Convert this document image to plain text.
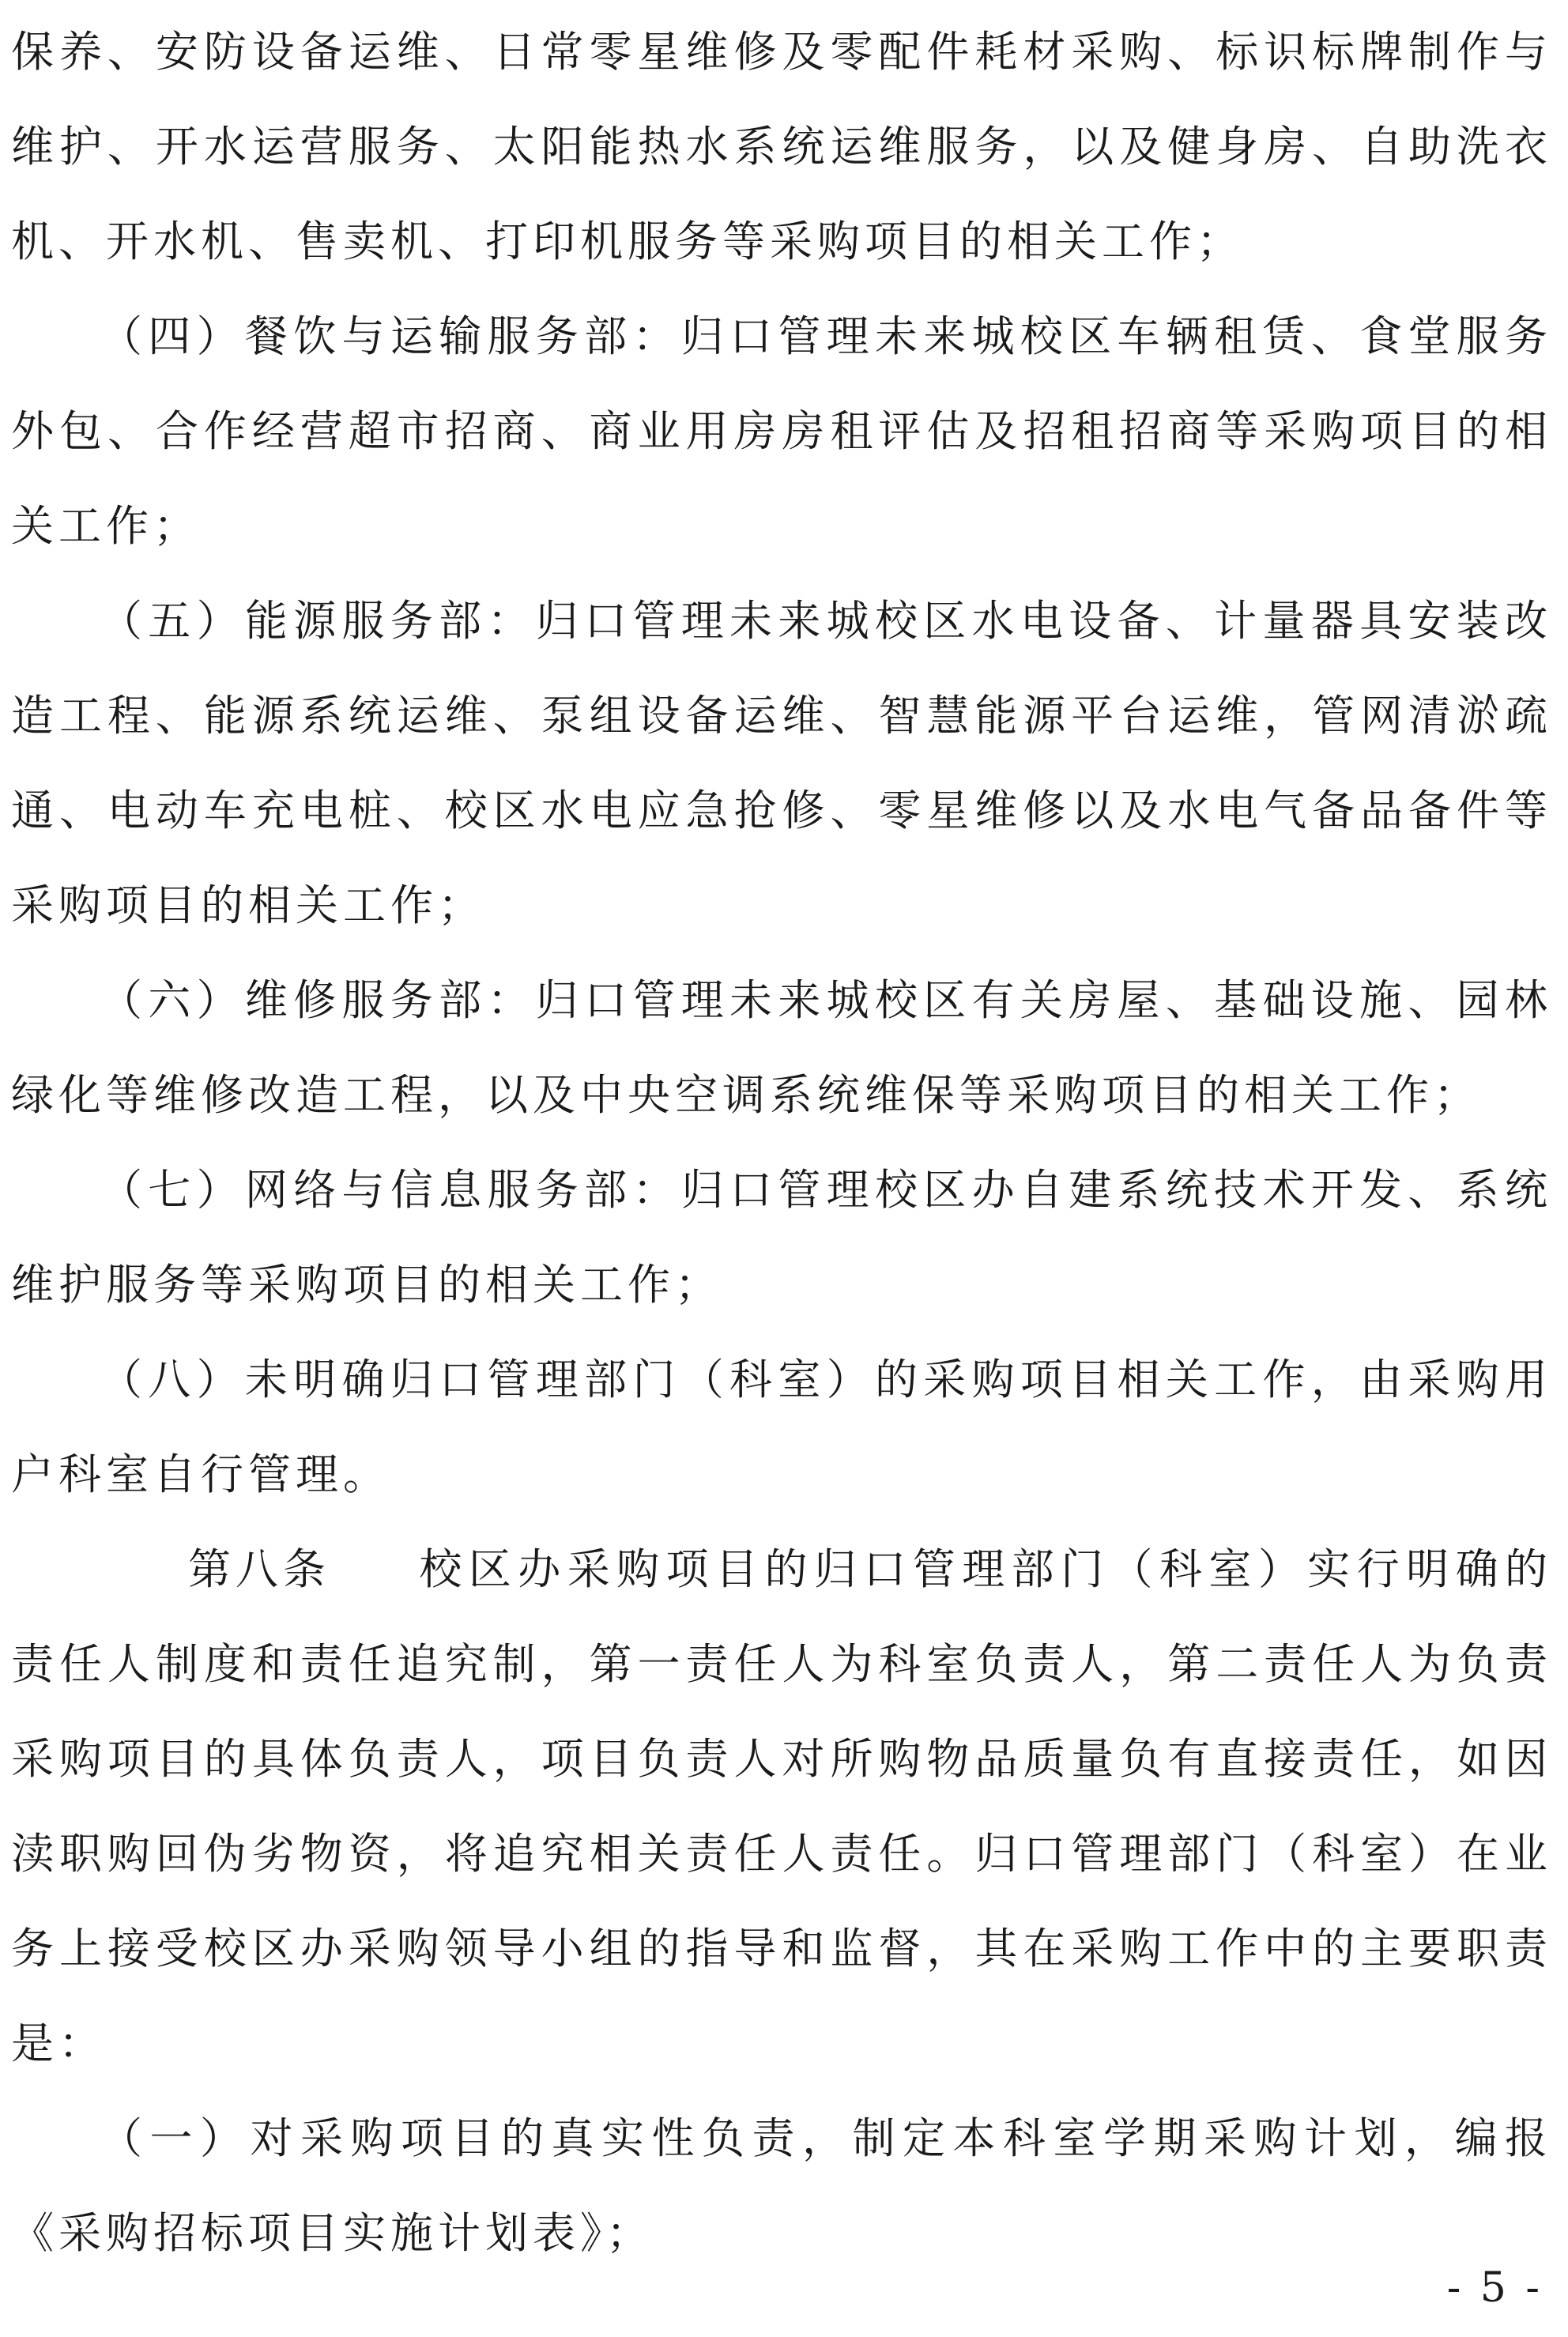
保养、安防设备运维、日常零星维修及零配件耗材采购、标识标牌制作与维护、开水运营服务、太阳能热水系统运维服务，以及健身房、自助洗衣机、开水机、售卖机、打印机服务等采购项目的相关工作；

（四）餐饮与运输服务部：归口管理未来城校区车辆租赁、食堂服务外包、合作经营超市招商、商业用房房租评估及招租招商等采购项目的相关工作；

（五）能源服务部：归口管理未来城校区水电设备、计量器具安装改造工程、能源系统运维、泵组设备运维、智慧能源平台运维，管网清淤疏通、电动车充电桩、校区水电应急抢修、零星维修以及水电气备品备件等采购项目的相关工作；

（六）维修服务部：归口管理未来城校区有关房屋、基础设施、园林绿化等维修改造工程，以及中央空调系统维保等采购项目的相关工作；

（七）网络与信息服务部：归口管理校区办自建系统技术开发、系统维护服务等采购项目的相关工作；

（八）未明确归口管理部门（科室）的采购项目相关工作，由采购用户科室自行管理。

第八条 校区办采购项目的归口管理部门（科室）实行明确的责任人制度和责任追究制，第一责任人为科室负责人，第二责任人为负责采购项目的具体负责人，项目负责人对所购物品质量负有直接责任，如因渎职购回伪劣物资，将追究相关责任人责任。归口管理部门（科室）在业务上接受校区办采购领导小组的指导和监督，其在采购工作中的主要职责是：

（一）对采购项目的真实性负责，制定本科室学期采购计划，编报《采购招标项目实施计划表》；

- 5 -
